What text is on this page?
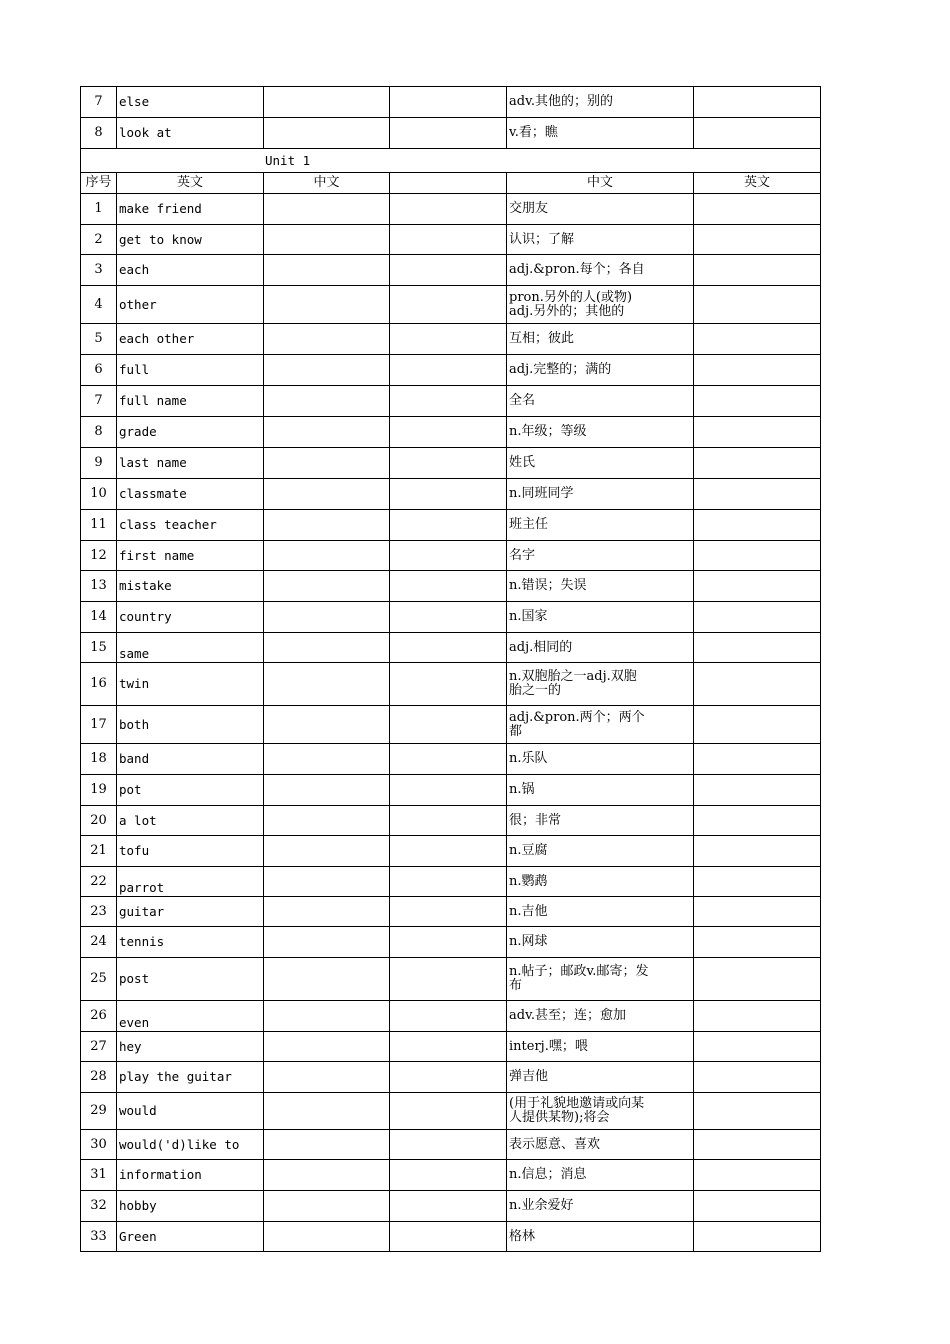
7	else			adv.其他的；别的	
8	look at			v.看；瞧	
Unit 1					
序号	英文	中文		中文	英文
1	make friend			交朋友	
2	get to know			认识；了解	
3	each			adj.&pron.每个；各自	
4	other			pron.另外的人(或物)
adj.另外的；其他的	
5	each other			互相；彼此	
6	full			adj.完整的；满的	
7	full name			全名	
8	grade			n.年级；等级	
9	last name			姓氏	
10	classmate			n.同班同学	
11	class teacher			班主任	
12	first name			名字	
13	mistake			n.错误；失误	
14	country			n.国家	
15	same			adj.相同的	
16	twin			n.双胞胎之一adj.双胞
胎之一的	
17	both			adj.&pron.两个；两个
都	
18	band			n.乐队	
19	pot			n.锅	
20	a lot			很；非常	
21	tofu			n.豆腐	
22	parrot			n.鹦鹉	
23	guitar			n.吉他	
24	tennis			n.网球	
25	post			n.帖子；邮政v.邮寄；发
布	
26	even			adv.甚至；连；愈加	
27	hey			interj.嘿；喂	
28	play the guitar			弹吉他	
29	would			(用于礼貌地邀请或向某
人提供某物);将会	
30	would('d)like to			表示愿意、喜欢	
31	information			n.信息；消息	
32	hobby			n.业余爱好	
33	Green			格林	
